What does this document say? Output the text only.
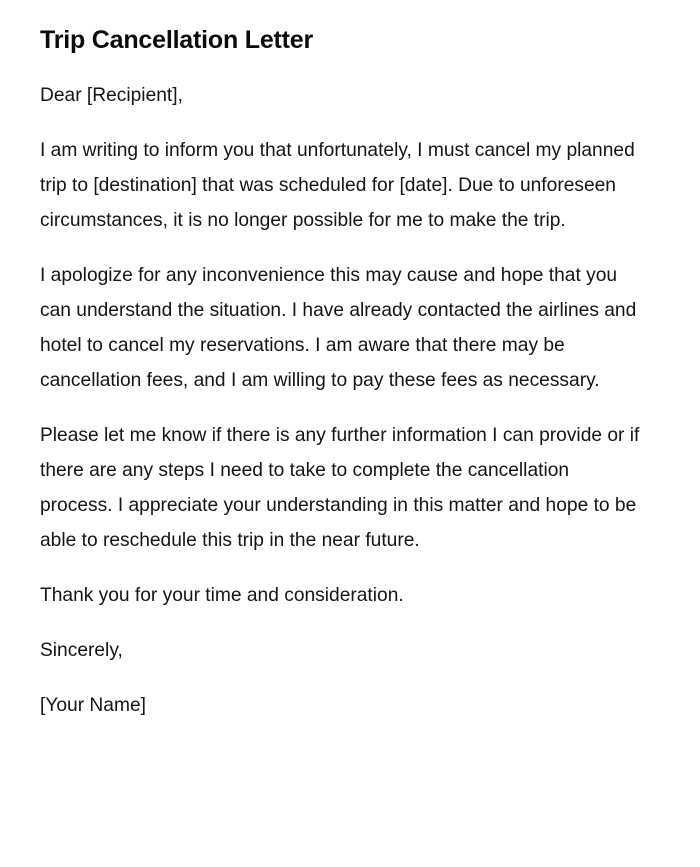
Trip Cancellation Letter

Dear [Recipient],

I am writing to inform you that unfortunately, I must cancel my planned trip to [destination] that was scheduled for [date]. Due to unforeseen circumstances, it is no longer possible for me to make the trip.

I apologize for any inconvenience this may cause and hope that you can understand the situation. I have already contacted the airlines and hotel to cancel my reservations. I am aware that there may be cancellation fees, and I am willing to pay these fees as necessary.

Please let me know if there is any further information I can provide or if there are any steps I need to take to complete the cancellation process. I appreciate your understanding in this matter and hope to be able to reschedule this trip in the near future.

Thank you for your time and consideration.

Sincerely,

[Your Name]
